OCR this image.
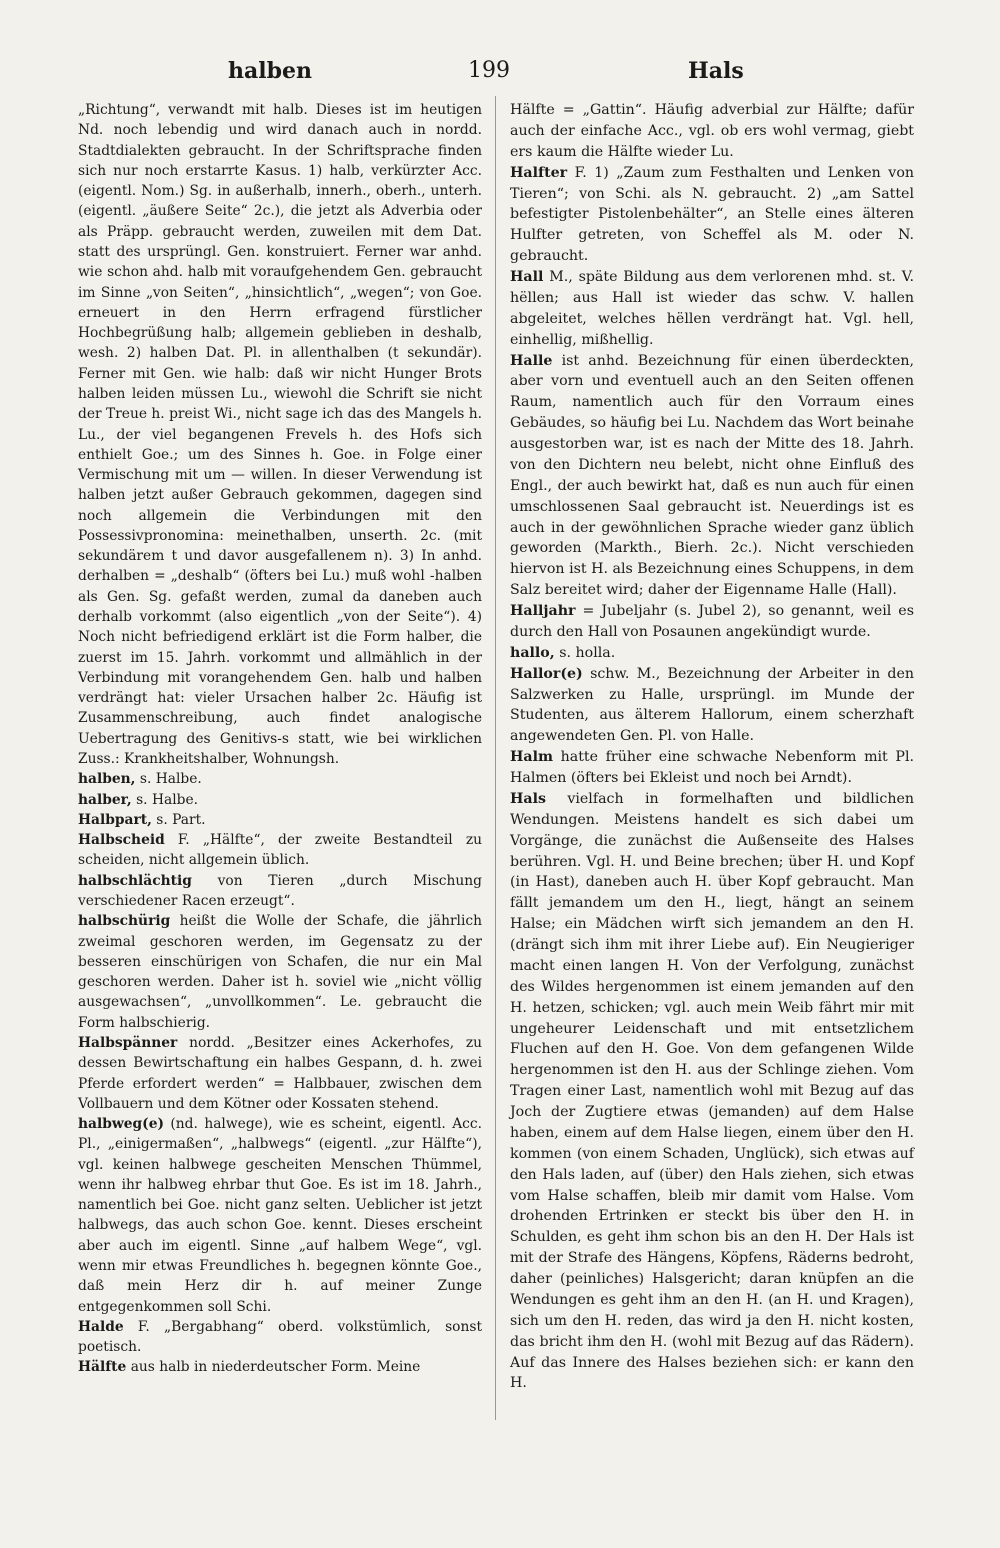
halben	199	Hals

„Richtung“, verwandt mit halb. Dieses ist im heutigen Nd. noch lebendig und wird danach auch in nordd. Stadtdialekten gebraucht. In der Schriftsprache finden sich nur noch erstarrte Kasus. 1) halb, verkürzter Acc. (eigentl. Nom.) Sg. in außerhalb, innerh., oberh., unterh. (eigentl. „äußere Seite“ 2c.), die jetzt als Adverbia oder als Präpp. gebraucht werden, zuweilen mit dem Dat. statt des ursprüngl. Gen. konstruiert. Ferner war anhd. wie schon ahd. halb mit voraufgehendem Gen. gebraucht im Sinne „von Seiten“, „hinsichtlich“, „wegen“; von Goe. erneuert in den Herrn erfragend fürstlicher Hochbegrüßung halb; allgemein geblieben in deshalb, wesh. 2) halben Dat. Pl. in allenthalben (t sekundär). Ferner mit Gen. wie halb: daß wir nicht Hunger Brots halben leiden müssen Lu., wiewohl die Schrift sie nicht der Treue h. preist Wi., nicht sage ich das des Mangels h. Lu., der viel begangenen Frevels h. des Hofs sich enthielt Goe.; um des Sinnes h. Goe. in Folge einer Vermischung mit um — willen. In dieser Verwendung ist halben jetzt außer Gebrauch gekommen, dagegen sind noch allgemein die Verbindungen mit den Possessivpronomina: meinethalben, unserth. 2c. (mit sekundärem t und davor ausgefallenem n). 3) In anhd. derhalben = „deshalb“ (öfters bei Lu.) muß wohl -halben als Gen. Sg. gefaßt werden, zumal da daneben auch derhalb vorkommt (also eigentlich „von der Seite“). 4) Noch nicht befriedigend erklärt ist die Form halber, die zuerst im 15. Jahrh. vorkommt und allmählich in der Verbindung mit vorangehendem Gen. halb und halben verdrängt hat: vieler Ursachen halber 2c. Häufig ist Zusammenschreibung, auch findet analogische Uebertragung des Genitivs-s statt, wie bei wirklichen Zuss.: Krankheitshalber, Wohnungsh.

halben, s. Halbe.

halber, s. Halbe.

Halbpart, s. Part.

Halbscheid F. „Hälfte“, der zweite Bestandteil zu scheiden, nicht allgemein üblich.

halbschlächtig von Tieren „durch Mischung verschiedener Racen erzeugt“.

halbschürig heißt die Wolle der Schafe, die jährlich zweimal geschoren werden, im Gegensatz zu der besseren einschürigen von Schafen, die nur ein Mal geschoren werden. Daher ist h. soviel wie „nicht völlig ausgewachsen“, „unvollkommen“. Le. gebraucht die Form halbschierig.

Halbspänner nordd. „Besitzer eines Ackerhofes, zu dessen Bewirtschaftung ein halbes Gespann, d. h. zwei Pferde erfordert werden“ = Halbbauer, zwischen dem Vollbauern und dem Kötner oder Kossaten stehend.

halbweg(e) (nd. halwege), wie es scheint, eigentl. Acc. Pl., „einigermaßen“, „halbwegs“ (eigentl. „zur Hälfte“), vgl. keinen halbwege gescheiten Menschen Thümmel, wenn ihr halbweg ehrbar thut Goe. Es ist im 18. Jahrh., namentlich bei Goe. nicht ganz selten. Ueblicher ist jetzt halbwegs, das auch schon Goe. kennt. Dieses erscheint aber auch im eigentl. Sinne „auf halbem Wege“, vgl. wenn mir etwas Freundliches h. begegnen könnte Goe., daß mein Herz dir h. auf meiner Zunge entgegenkommen soll Schi.

Halde F. „Bergabhang“ oberd. volkstümlich, sonst poetisch.

Hälfte aus halb in niederdeutscher Form. Meine

Hälfte = „Gattin“. Häufig adverbial zur Hälfte; dafür auch der einfache Acc., vgl. ob ers wohl vermag, giebt ers kaum die Hälfte wieder Lu.

Halfter F. 1) „Zaum zum Festhalten und Lenken von Tieren“; von Schi. als N. gebraucht. 2) „am Sattel befestigter Pistolenbehälter“, an Stelle eines älteren Hulfter getreten, von Scheffel als M. oder N. gebraucht.

Hall M., späte Bildung aus dem verlorenen mhd. st. V. hëllen; aus Hall ist wieder das schw. V. hallen abgeleitet, welches hëllen verdrängt hat. Vgl. hell, einhellig, mißhellig.

Halle ist anhd. Bezeichnung für einen überdeckten, aber vorn und eventuell auch an den Seiten offenen Raum, namentlich auch für den Vorraum eines Gebäudes, so häufig bei Lu. Nachdem das Wort beinahe ausgestorben war, ist es nach der Mitte des 18. Jahrh. von den Dichtern neu belebt, nicht ohne Einfluß des Engl., der auch bewirkt hat, daß es nun auch für einen umschlossenen Saal gebraucht ist. Neuerdings ist es auch in der gewöhnlichen Sprache wieder ganz üblich geworden (Markth., Bierh. 2c.). Nicht verschieden hiervon ist H. als Bezeichnung eines Schuppens, in dem Salz bereitet wird; daher der Eigenname Halle (Hall).

Halljahr = Jubeljahr (s. Jubel 2), so genannt, weil es durch den Hall von Posaunen angekündigt wurde.

hallo, s. holla.

Hallor(e) schw. M., Bezeichnung der Arbeiter in den Salzwerken zu Halle, ursprüngl. im Munde der Studenten, aus älterem Hallorum, einem scherzhaft angewendeten Gen. Pl. von Halle.

Halm hatte früher eine schwache Nebenform mit Pl. Halmen (öfters bei Ekleist und noch bei Arndt).

Hals vielfach in formelhaften und bildlichen Wendungen. Meistens handelt es sich dabei um Vorgänge, die zunächst die Außenseite des Halses berühren. Vgl. H. und Beine brechen; über H. und Kopf (in Hast), daneben auch H. über Kopf gebraucht. Man fällt jemandem um den H., liegt, hängt an seinem Halse; ein Mädchen wirft sich jemandem an den H. (drängt sich ihm mit ihrer Liebe auf). Ein Neugieriger macht einen langen H. Von der Verfolgung, zunächst des Wildes hergenommen ist einem jemanden auf den H. hetzen, schicken; vgl. auch mein Weib fährt mir mit ungeheurer Leidenschaft und mit entsetzlichem Fluchen auf den H. Goe. Von dem gefangenen Wilde hergenommen ist den H. aus der Schlinge ziehen. Vom Tragen einer Last, namentlich wohl mit Bezug auf das Joch der Zugtiere etwas (jemanden) auf dem Halse haben, einem auf dem Halse liegen, einem über den H. kommen (von einem Schaden, Unglück), sich etwas auf den Hals laden, auf (über) den Hals ziehen, sich etwas vom Halse schaffen, bleib mir damit vom Halse. Vom drohenden Ertrinken er steckt bis über den H. in Schulden, es geht ihm schon bis an den H. Der Hals ist mit der Strafe des Hängens, Köpfens, Räderns bedroht, daher (peinliches) Halsgericht; daran knüpfen an die Wendungen es geht ihm an den H. (an H. und Kragen), sich um den H. reden, das wird ja den H. nicht kosten, das bricht ihm den H. (wohl mit Bezug auf das Rädern). Auf das Innere des Halses beziehen sich: er kann den H.
